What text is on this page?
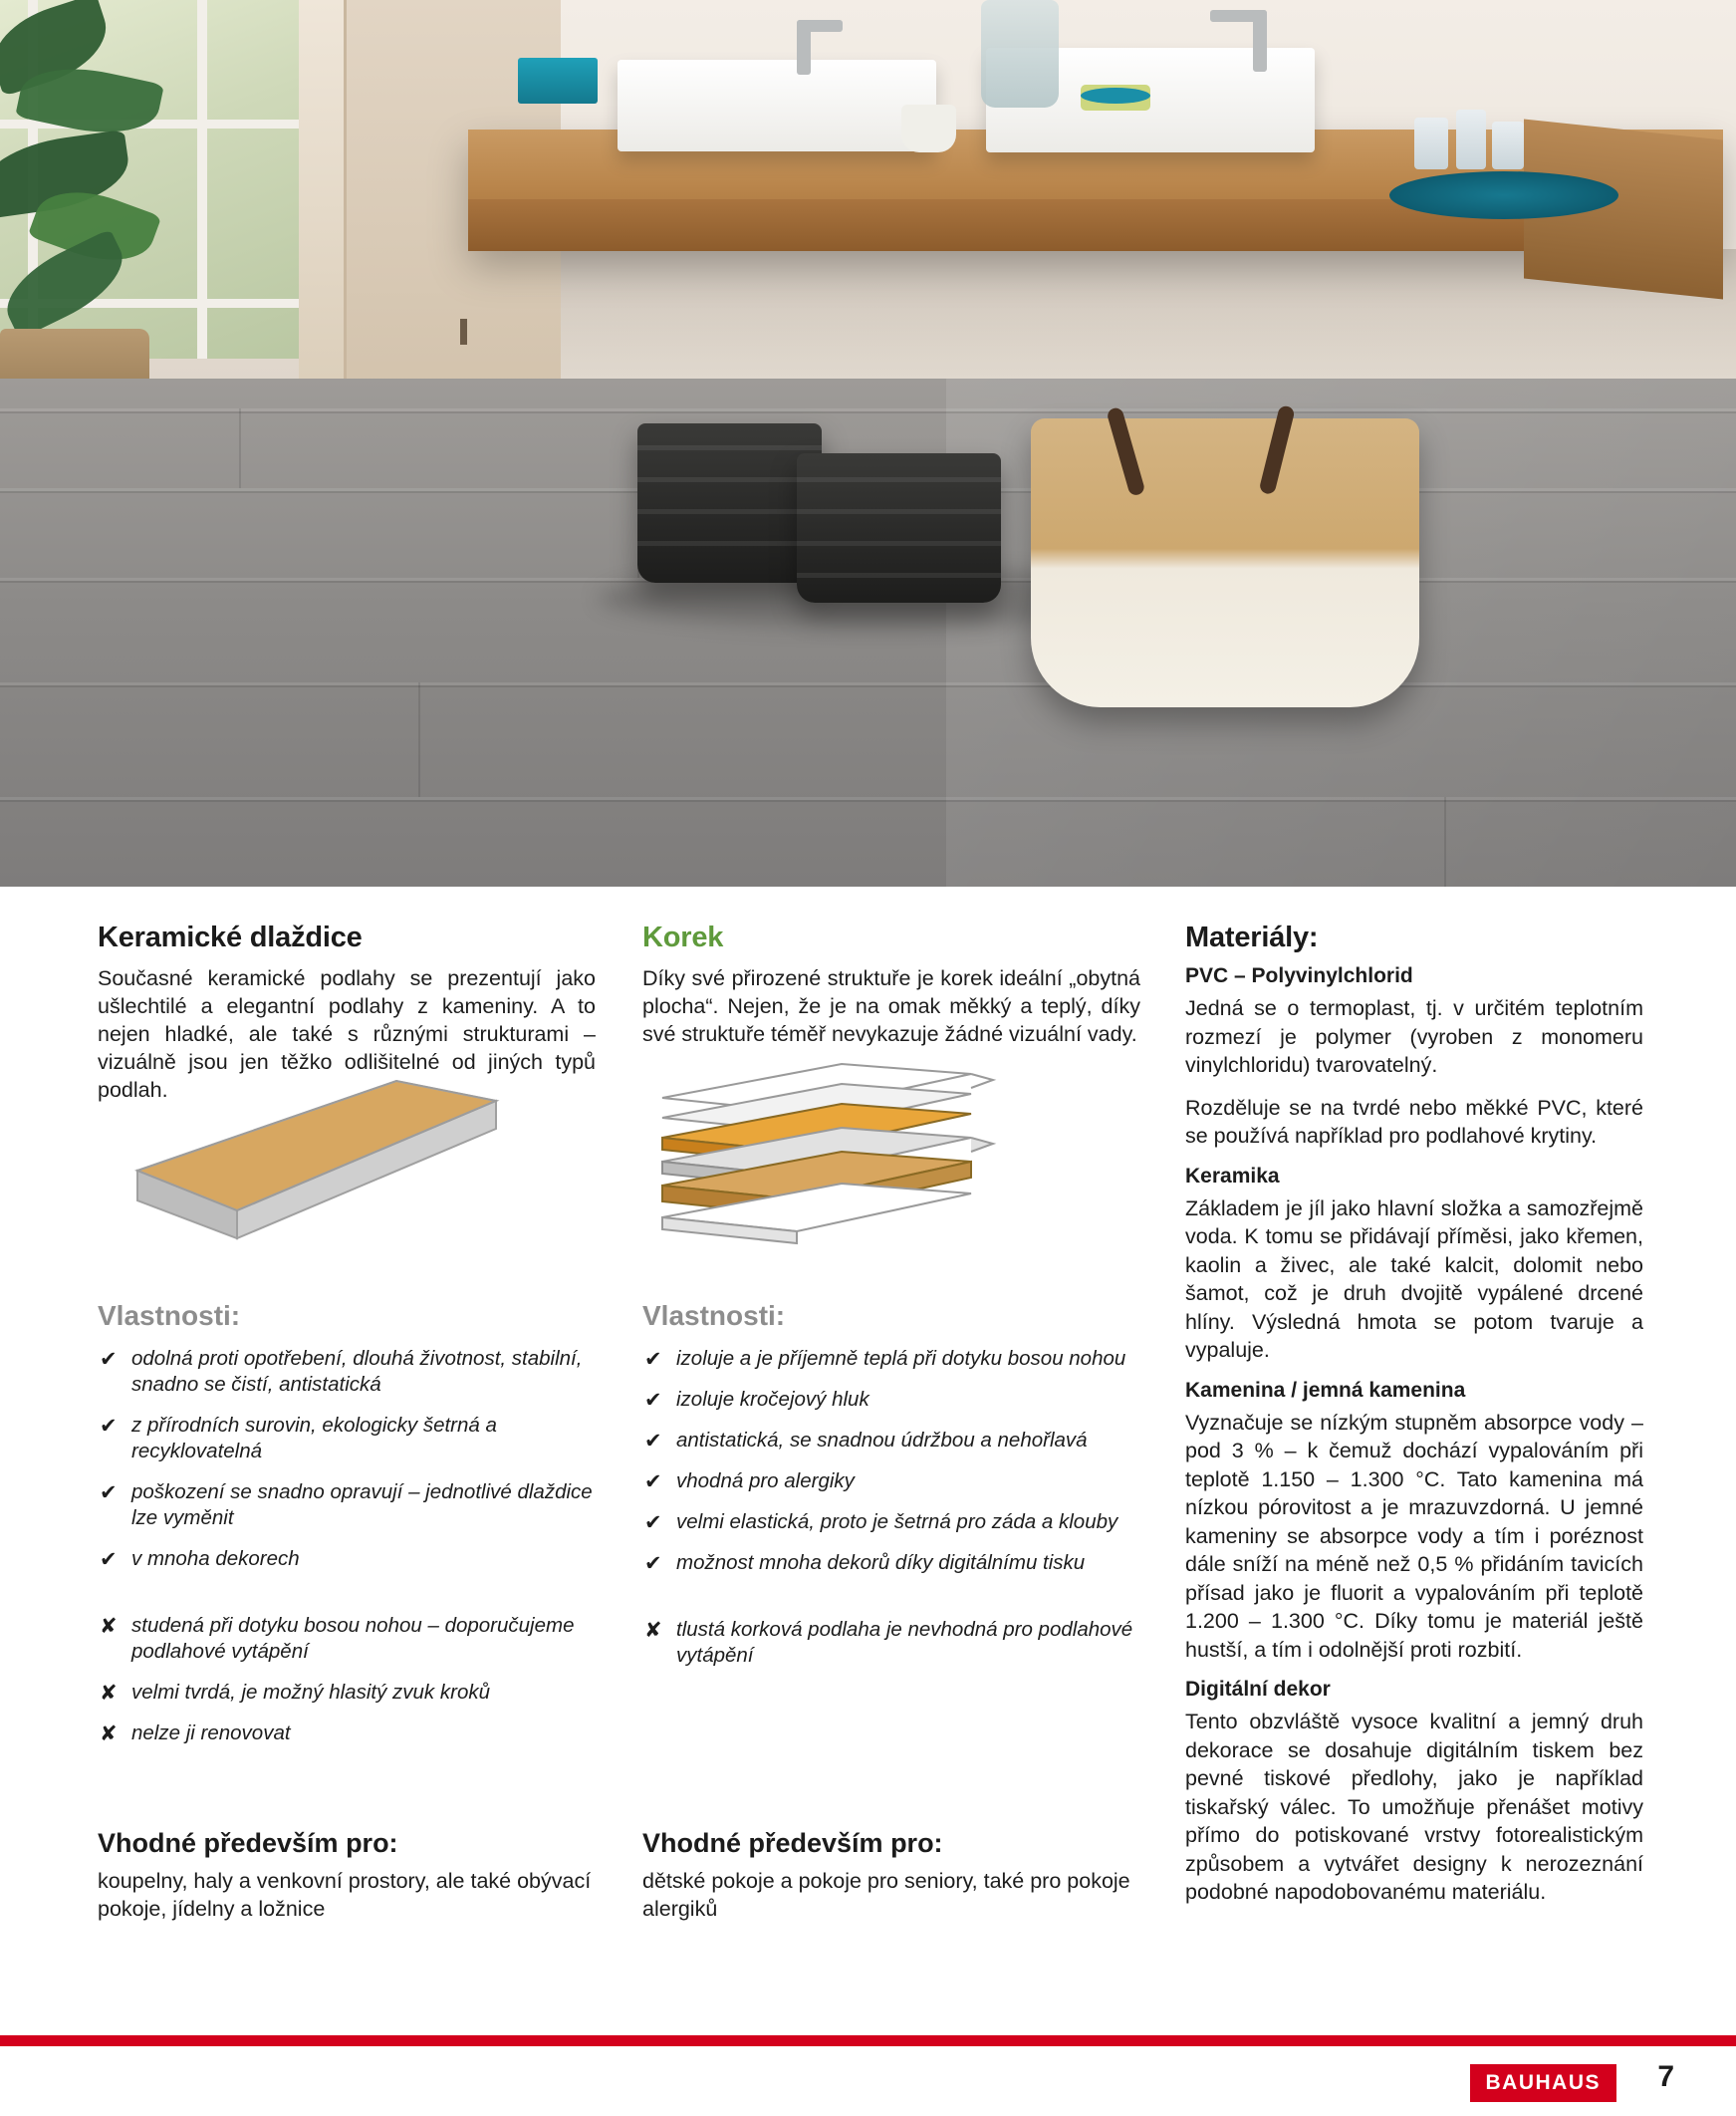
Keramické dlaždice

Současné keramické podlahy se prezentují jako ušlechtilé a elegantní podlahy z kameniny. A to nejen hladké, ale také s různými strukturami – vizuálně jsou jen těžko odlišitelné od jiných typů podlah.

Vlastnosti:
✔ odolná proti opotřebení, dlouhá životnost, stabilní, snadno se čistí, antistatická
✔ z přírodních surovin, ekologicky šetrná a recyklovatelná
✔ poškození se snadno opravují – jednotlivé dlaždice lze vyměnit
✔ v mnoha dekorech
✘ studená při dotyku bosou nohou – doporučujeme podlahové vytápění
✘ velmi tvrdá, je možný hlasitý zvuk kroků
✘ nelze ji renovovat
Vhodné především pro:

koupelny, haly a venkovní prostory, ale také obývací pokoje, jídelny a ložnice

Korek

Díky své přirozené struktuře je korek ideální „obytná plocha“. Nejen, že je na omak měkký a teplý, díky své struktuře téměř nevykazuje žádné vizuální vady.

Vlastnosti:
✔ izoluje a je příjemně teplá při dotyku bosou nohou
✔ izoluje kročejový hluk
✔ antistatická, se snadnou údržbou a nehořlavá
✔ vhodná pro alergiky
✔ velmi elastická, proto je šetrná pro záda a klouby
✔ možnost mnoha dekorů díky digitálnímu tisku
✘ tlustá korková podlaha je nevhodná pro podlahové vytápění
Vhodné především pro:

dětské pokoje a pokoje pro seniory, také pro pokoje alergiků

Materiály:
PVC – Polyvinylchlorid

Jedná se o termoplast, tj. v určitém teplotním rozmezí je polymer (vyroben z monomeru vinylchloridu) tvarovatelný.

Rozděluje se na tvrdé nebo měkké PVC, které se používá například pro podlahové krytiny.

Keramika

Základem je jíl jako hlavní složka a samozřejmě voda. K tomu se přidávají příměsi, jako křemen, kaolin a živec, ale také kalcit, dolomit nebo šamot, což je druh dvojitě vypálené drcené hlíny. Výsledná hmota se potom tvaruje a vypaluje.

Kamenina / jemná kamenina

Vyznačuje se nízkým stupněm absorpce vody – pod 3 % – k čemuž dochází vypalováním při teplotě 1.150 – 1.300 °C. Tato kamenina má nízkou pórovitost a je mrazuvzdorná. U jemné kameniny se absorpce vody a tím i poréznost dále sníží na méně než 0,5 % přidáním tavicích přísad jako je fluorit a vypalováním při teplotě 1.200 – 1.300 °C. Díky tomu je materiál ještě hustší, a tím i odolnější proti rozbití.

Digitální dekor

Tento obzvláště vysoce kvalitní a jemný druh dekorace se dosahuje digitálním tiskem bez pevné tiskové předlohy, jako je například tiskařský válec. To umožňuje přenášet motivy přímo do potiskované vrstvy fotorealistickým způsobem a vytvářet designy k nerozeznání podobné napodobovanému materiálu.

BAUHAUS	7
